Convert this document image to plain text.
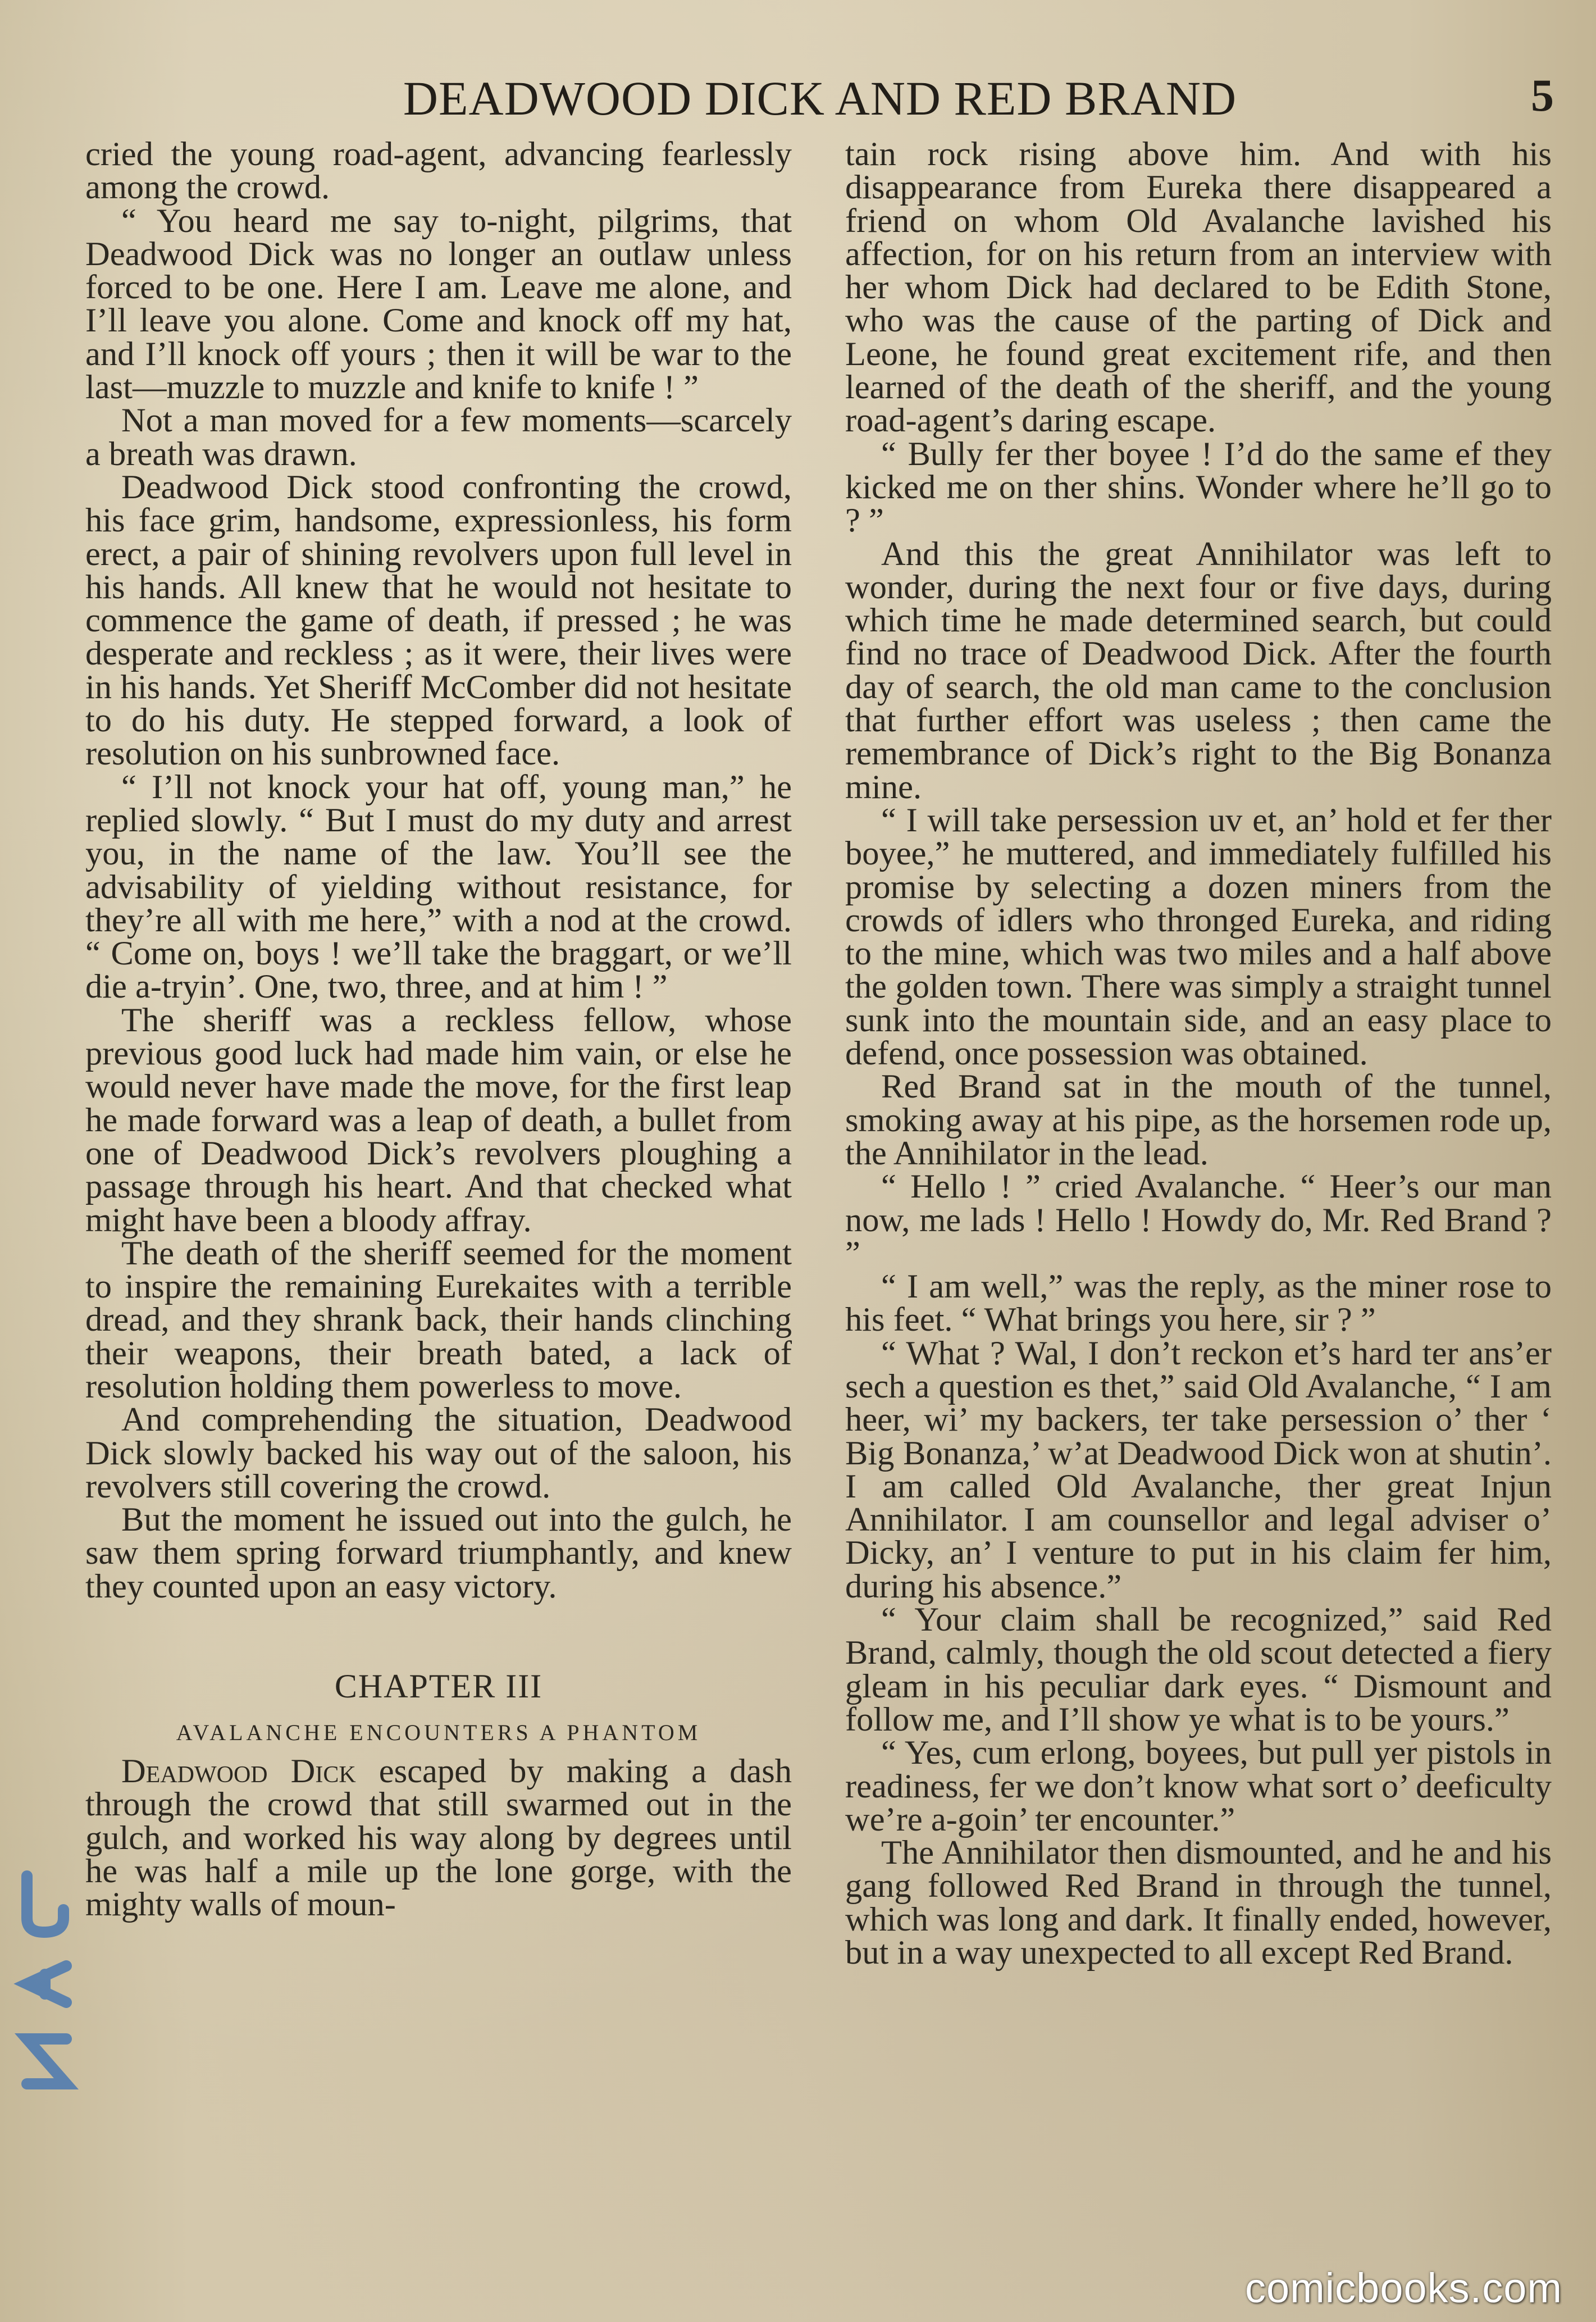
DEADWOOD DICK AND RED BRAND	5

cried the young road-agent, advancing fearlessly among the crowd.

“ You heard me say to-night, pilgrims, that Deadwood Dick was no longer an outlaw unless forced to be one. Here I am. Leave me alone, and I’ll leave you alone. Come and knock off my hat, and I’ll knock off yours ; then it will be war to the last—muzzle to muzzle and knife to knife ! ”

Not a man moved for a few moments—scarcely a breath was drawn.

Deadwood Dick stood confronting the crowd, his face grim, handsome, expressionless, his form erect, a pair of shining revolvers upon full level in his hands. All knew that he would not hesitate to commence the game of death, if pressed ; he was desperate and reckless ; as it were, their lives were in his hands. Yet Sheriff McComber did not hesitate to do his duty. He stepped forward, a look of resolution on his sunbrowned face.

“ I’ll not knock your hat off, young man,” he replied slowly. “ But I must do my duty and arrest you, in the name of the law. You’ll see the advisability of yielding without resistance, for they’re all with me here,” with a nod at the crowd. “ Come on, boys ! we’ll take the braggart, or we’ll die a-tryin’. One, two, three, and at him ! ”

The sheriff was a reckless fellow, whose previous good luck had made him vain, or else he would never have made the move, for the first leap he made forward was a leap of death, a bullet from one of Deadwood Dick’s revolvers ploughing a passage through his heart. And that checked what might have been a bloody affray.

The death of the sheriff seemed for the moment to inspire the remaining Eurekaites with a terrible dread, and they shrank back, their hands clinching their weapons, their breath bated, a lack of resolution holding them powerless to move.

And comprehending the situation, Deadwood Dick slowly backed his way out of the saloon, his revolvers still covering the crowd.

But the moment he issued out into the gulch, he saw them spring forward triumphantly, and knew they counted upon an easy victory.

CHAPTER III
AVALANCHE ENCOUNTERS A PHANTOM

Deadwood Dick escaped by making a dash through the crowd that still swarmed out in the gulch, and worked his way along by degrees until he was half a mile up the lone gorge, with the mighty walls of moun-

tain rock rising above him. And with his disappearance from Eureka there disappeared a friend on whom Old Avalanche lavished his affection, for on his return from an interview with her whom Dick had declared to be Edith Stone, who was the cause of the parting of Dick and Leone, he found great excitement rife, and then learned of the death of the sheriff, and the young road-agent’s daring escape.

“ Bully fer ther boyee ! I’d do the same ef they kicked me on ther shins. Wonder where he’ll go to ? ”

And this the great Annihilator was left to wonder, during the next four or five days, during which time he made determined search, but could find no trace of Deadwood Dick. After the fourth day of search, the old man came to the conclusion that further effort was useless ; then came the remembrance of Dick’s right to the Big Bonanza mine.

“ I will take persession uv et, an’ hold et fer ther boyee,” he muttered, and immediately fulfilled his promise by selecting a dozen miners from the crowds of idlers who thronged Eureka, and riding to the mine, which was two miles and a half above the golden town. There was simply a straight tunnel sunk into the mountain side, and an easy place to defend, once possession was obtained.

Red Brand sat in the mouth of the tunnel, smoking away at his pipe, as the horsemen rode up, the Annihilator in the lead.

“ Hello ! ” cried Avalanche. “ Heer’s our man now, me lads ! Hello ! Howdy do, Mr. Red Brand ? ”

“ I am well,” was the reply, as the miner rose to his feet. “ What brings you here, sir ? ”

“ What ? Wal, I don’t reckon et’s hard ter ans’er sech a question es thet,” said Old Avalanche, “ I am heer, wi’ my backers, ter take persession o’ ther ‘ Big Bonanza,’ w’at Deadwood Dick won at shutin’. I am called Old Avalanche, ther great Injun Annihilator. I am counsellor and legal adviser o’ Dicky, an’ I venture to put in his claim fer him, during his absence.”

“ Your claim shall be recognized,” said Red Brand, calmly, though the old scout detected a fiery gleam in his peculiar dark eyes. “ Dismount and follow me, and I’ll show ye what is to be yours.”

“ Yes, cum erlong, boyees, but pull yer pistols in readiness, fer we don’t know what sort o’ deeficulty we’re a-goin’ ter encounter.”

The Annihilator then dismounted, and he and his gang followed Red Brand in through the tunnel, which was long and dark. It finally ended, however, but in a way unexpected to all except Red Brand.

comicbooks.com
